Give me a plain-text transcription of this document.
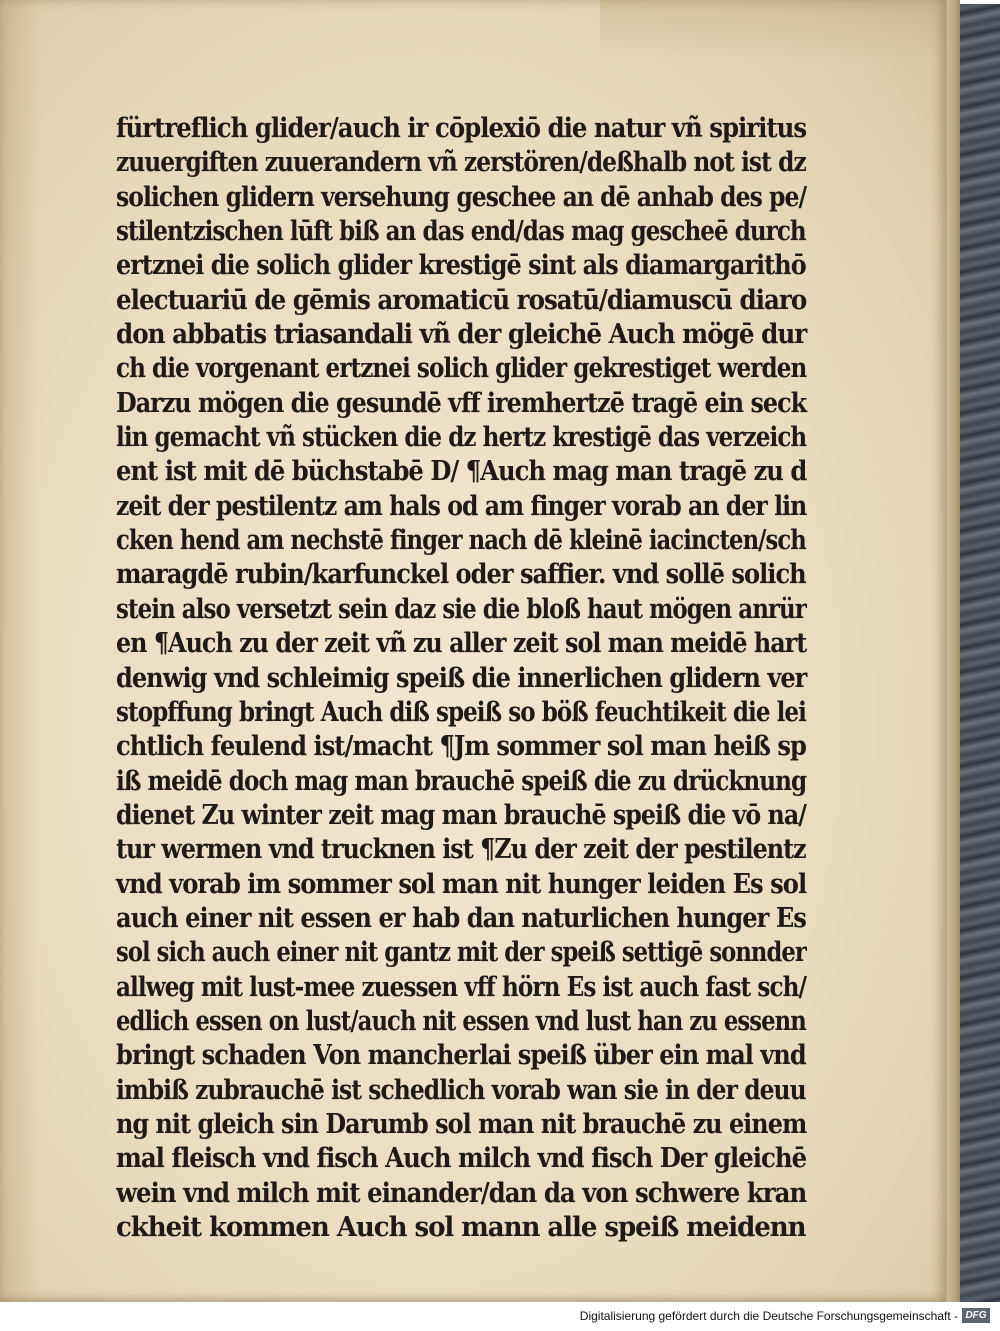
fürtreflich glider/auch ir cōplexiō die natur vñ spiritus
zuuergiften zuuerandern vñ zerstören/deßhalb not ist dz
solichen glidern versehung geschee an dē anhab des pe/
stilentzischen lūft biß an das end/das mag gescheē durch
ertznei die solich glider krestigē sint als diamargarithō
electuariū de gēmis aromaticū rosatū/diamuscū diaro
don abbatis triasandali vñ der gleichē Auch mögē dur
ch die vorgenant ertznei solich glider gekrestiget werden
Darzu mögen die gesundē vff iremhertzē tragē ein seck
lin gemacht vñ stücken die dz hertz krestigē das verzeich
ent ist mit dē büchstabē D/ ¶Auch mag man tragē zu d
zeit der pestilentz am hals od am finger vorab an der lin
cken hend am nechstē finger nach dē kleinē iacincten/sch
maragdē rubin/karfunckel oder saffier. vnd sollē solich
stein also versetzt sein daz sie die bloß haut mögen anrür
en ¶Auch zu der zeit vñ zu aller zeit sol man meidē hart
denwig vnd schleimig speiß die innerlichen glidern ver
stopffung bringt Auch diß speiß so böß feuchtikeit die lei
chtlich feulend ist/macht ¶Jm sommer sol man heiß sp
iß meidē doch mag man brauchē speiß die zu drücknung
dienet Zu winter zeit mag man brauchē speiß die vō na/
tur wermen vnd trucknen ist ¶Zu der zeit der pestilentz
vnd vorab im sommer sol man nit hunger leiden Es sol
auch einer nit essen er hab dan naturlichen hunger Es
sol sich auch einer nit gantz mit der speiß settigē sonnder
allweg mit lust-mee zuessen vff hörn Es ist auch fast sch/
edlich essen on lust/auch nit essen vnd lust han zu essenn
bringt schaden Von mancherlai speiß über ein mal vnd
imbiß zubrauchē ist schedlich vorab wan sie in der deuu
ng nit gleich sin Darumb sol man nit brauchē zu einem
mal fleisch vnd fisch Auch milch vnd fisch Der gleichē
wein vnd milch mit einander/dan da von schwere kran
ckheit kommen Auch sol mann alle speiß meidenn
Digitalisierung gefördert durch die Deutsche Forschungsgemeinschaft - DFG
